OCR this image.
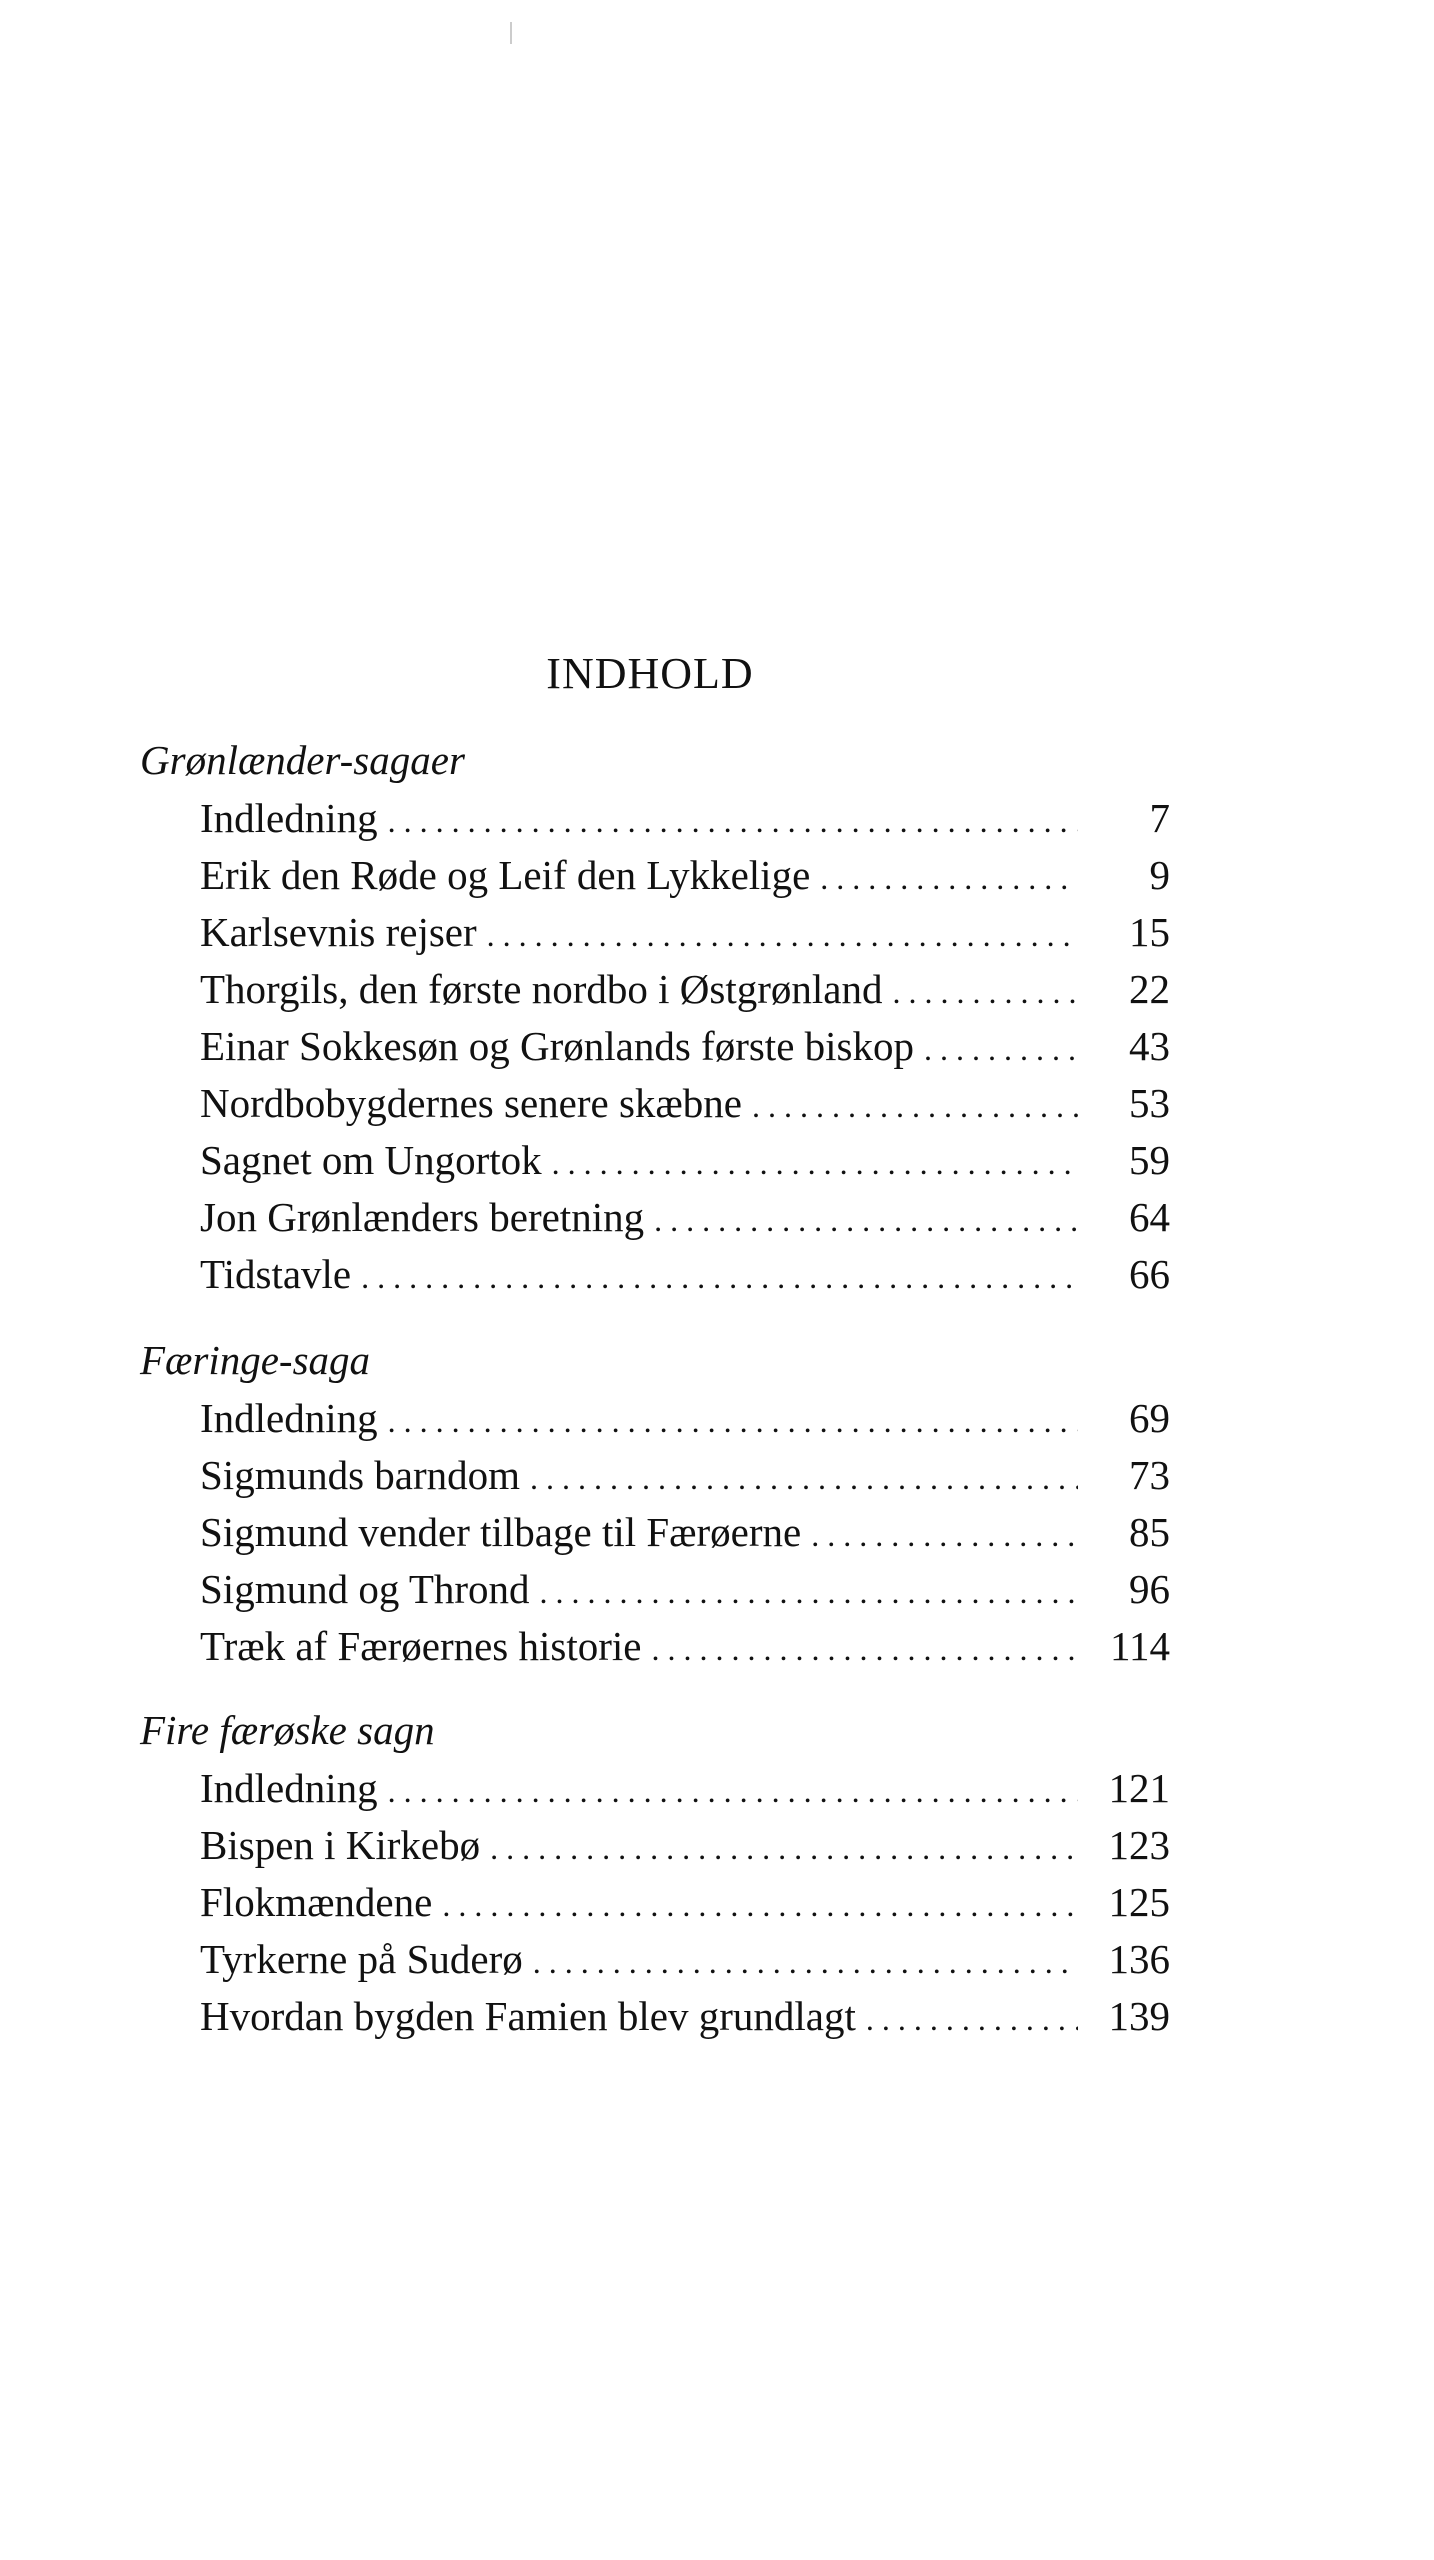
INDHOLD
Grønlænder-sagaer
Indledning . . .	7
Erik den Røde og Leif den Lykkelige . . .	9
Karlsevnis rejser . . .	15
Thorgils, den første nordbo i Østgrønland . . .	22
Einar Sokkesøn og Grønlands første biskop . . .	43
Nordbobygdernes senere skæbne . . .	53
Sagnet om Ungortok . . .	59
Jon Grønlænders beretning . . .	64
Tidstavle . . .	66
Færinge-saga
Indledning . . .	69
Sigmunds barndom . . .	73
Sigmund vender tilbage til Færøerne . . .	85
Sigmund og Thrond . . .	96
Træk af Færøernes historie . . .	114
Fire færøske sagn
Indledning . . .	121
Bispen i Kirkebø . . .	123
Flokmændene . . .	125
Tyrkerne på Suderø . . .	136
Hvordan bygden Famien blev grundlagt . . .	139
